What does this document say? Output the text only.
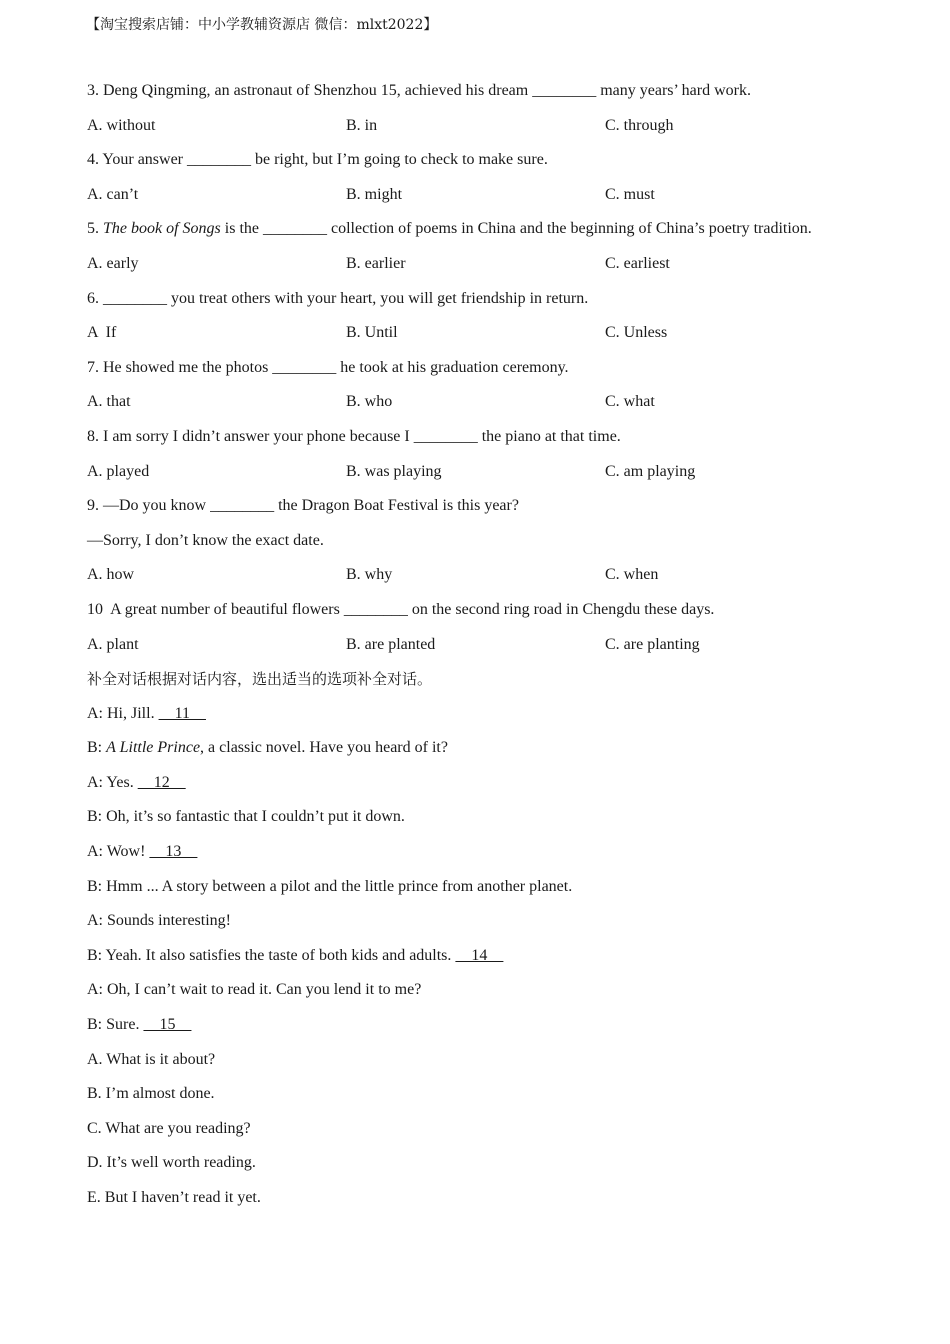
【淘宝搜索店铺：中小学教辅资源店 微信：mlxt2022】
3. Deng Qingming, an astronaut of Shenzhou 15, achieved his dream ________ many years’ hard work.
A. without	B. in	C. through
4. Your answer ________ be right, but I’m going to check to make sure.
A. can’t	B. might	C. must
5. The book of Songs is the ________ collection of poems in China and the beginning of China’s poetry tradition.
A. early	B. earlier	C. earliest
6. ________ you treat others with your heart, you will get friendship in return.
A  If	B. Until	C. Unless
7. He showed me the photos ________ he took at his graduation ceremony.
A. that	B. who	C. what
8. I am sorry I didn’t answer your phone because I ________ the piano at that time.
A. played	B. was playing	C. am playing
9. —Do you know ________ the Dragon Boat Festival is this year?
—Sorry, I don’t know the exact date.
A. how	B. why	C. when
10  A great number of beautiful flowers ________ on the second ring road in Chengdu these days.
A. plant	B. are planted	C. are planting
补全对话根据对话内容，选出适当的选项补全对话。
A: Hi, Jill.     11
B: A Little Prince, a classic novel. Have you heard of it?
A: Yes.     12
B: Oh, it’s so fantastic that I couldn’t put it down.
A: Wow!     13
B: Hmm ... A story between a pilot and the little prince from another planet.
A: Sounds interesting!
B: Yeah. It also satisfies the taste of both kids and adults.     14
A: Oh, I can’t wait to read it. Can you lend it to me?
B: Sure.     15
A. What is it about?
B. I’m almost done.
C. What are you reading?
D. It’s well worth reading.
E. But I haven’t read it yet.
